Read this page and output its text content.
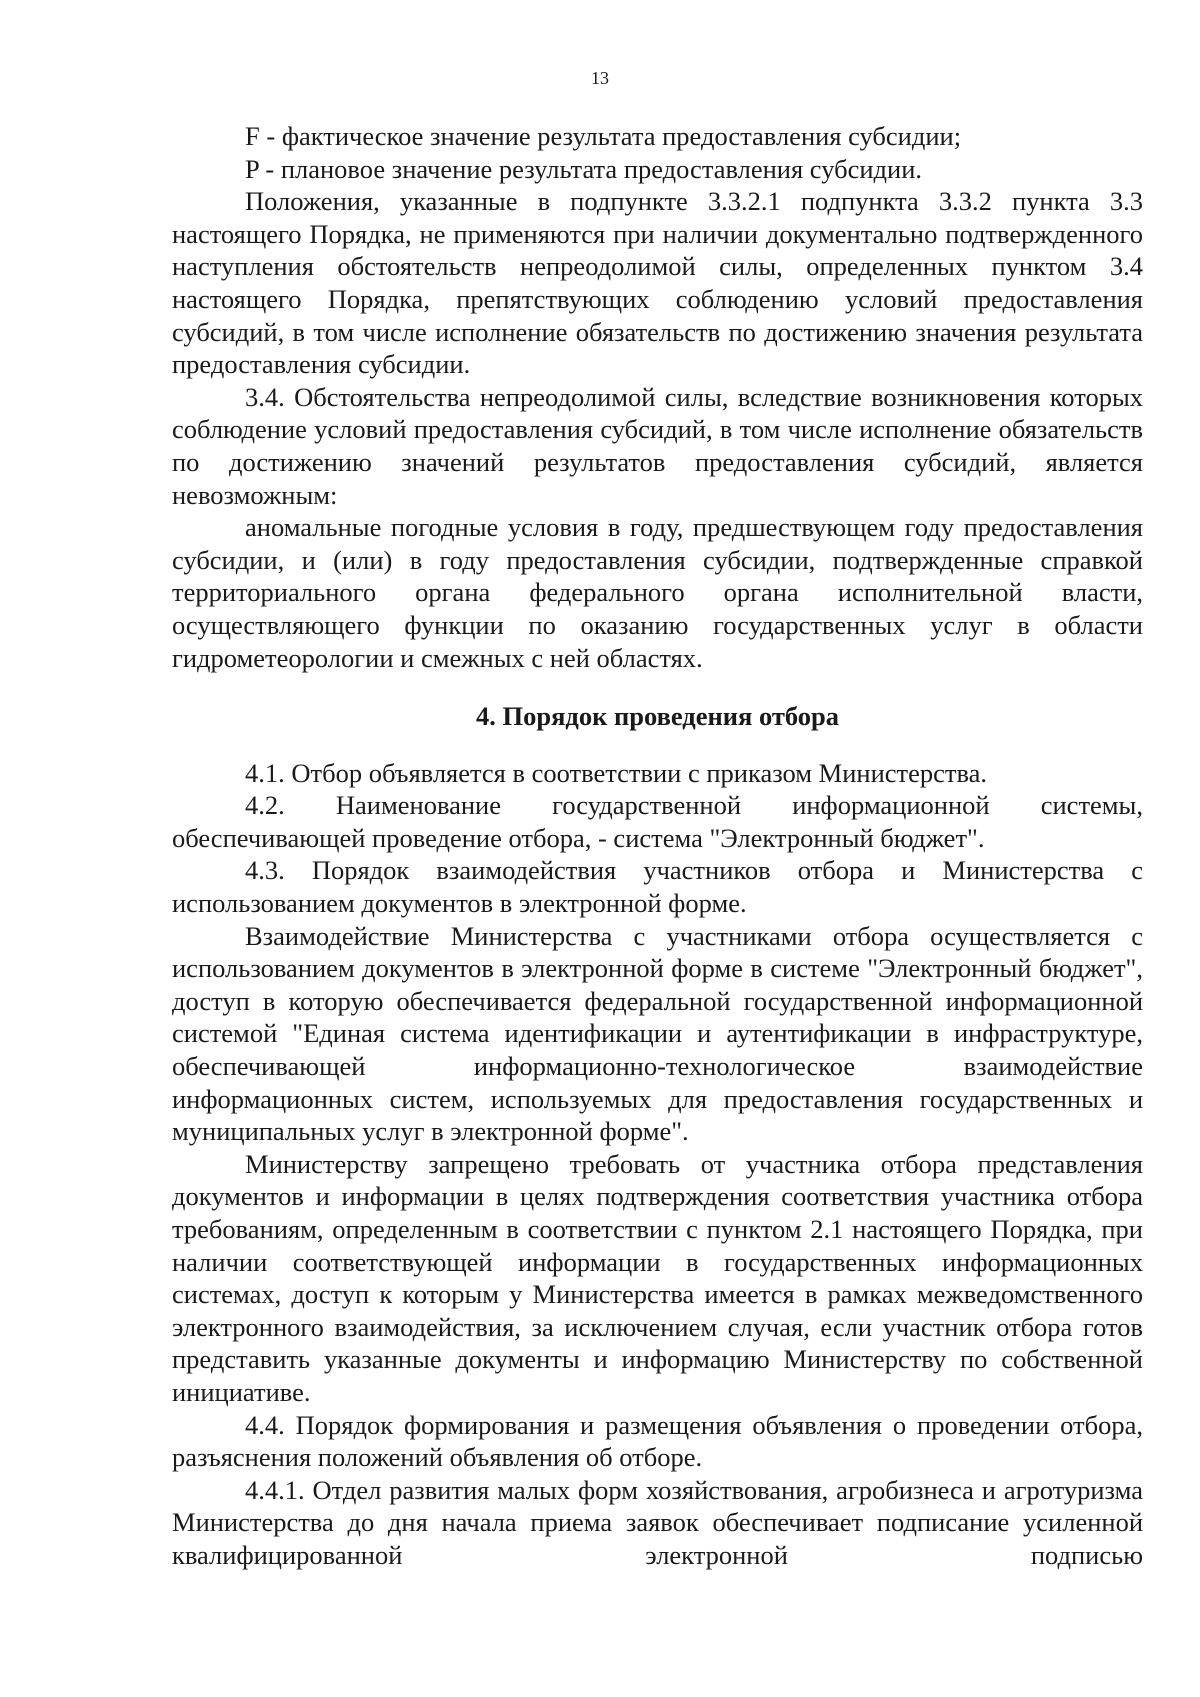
13

F - фактическое значение результата предоставления субсидии;

P - плановое значение результата предоставления субсидии.

Положения, указанные в подпункте 3.3.2.1 подпункта 3.3.2 пункта 3.3 настоящего Порядка, не применяются при наличии документально подтвержденного наступления обстоятельств непреодолимой силы, определенных пунктом 3.4 настоящего Порядка, препятствующих соблюдению условий предоставления субсидий, в том числе исполнение обязательств по достижению значения результата предоставления субсидии.

3.4. Обстоятельства непреодолимой силы, вследствие возникновения которых соблюдение условий предоставления субсидий, в том числе исполнение обязательств по достижению значений результатов предоставления субсидий, является невозможным:

аномальные погодные условия в году, предшествующем году предоставления субсидии, и (или) в году предоставления субсидии, подтвержденные справкой территориального органа федерального органа исполнительной власти, осуществляющего функции по оказанию государственных услуг в области гидрометеорологии и смежных с ней областях.

4. Порядок проведения отбора

4.1. Отбор объявляется в соответствии с приказом Министерства.

4.2. Наименование государственной информационной системы, обеспечивающей проведение отбора, - система "Электронный бюджет".

4.3. Порядок взаимодействия участников отбора и Министерства с использованием документов в электронной форме.

Взаимодействие Министерства с участниками отбора осуществляется с использованием документов в электронной форме в системе "Электронный бюджет", доступ в которую обеспечивается федеральной государственной информационной системой "Единая система идентификации и аутентификации в инфраструктуре, обеспечивающей информационно-технологическое взаимодействие информационных систем, используемых для предоставления государственных и муниципальных услуг в электронной форме".

Министерству запрещено требовать от участника отбора представления документов и информации в целях подтверждения соответствия участника отбора требованиям, определенным в соответствии с пунктом 2.1 настоящего Порядка, при наличии соответствующей информации в государственных информационных системах, доступ к которым у Министерства имеется в рамках межведомственного электронного взаимодействия, за исключением случая, если участник отбора готов представить указанные документы и информацию Министерству по собственной инициативе.

4.4. Порядок формирования и размещения объявления о проведении отбора, разъяснения положений объявления об отборе.

4.4.1. Отдел развития малых форм хозяйствования, агробизнеса и агротуризма Министерства до дня начала приема заявок обеспечивает подписание усиленной квалифицированной электронной подписью
